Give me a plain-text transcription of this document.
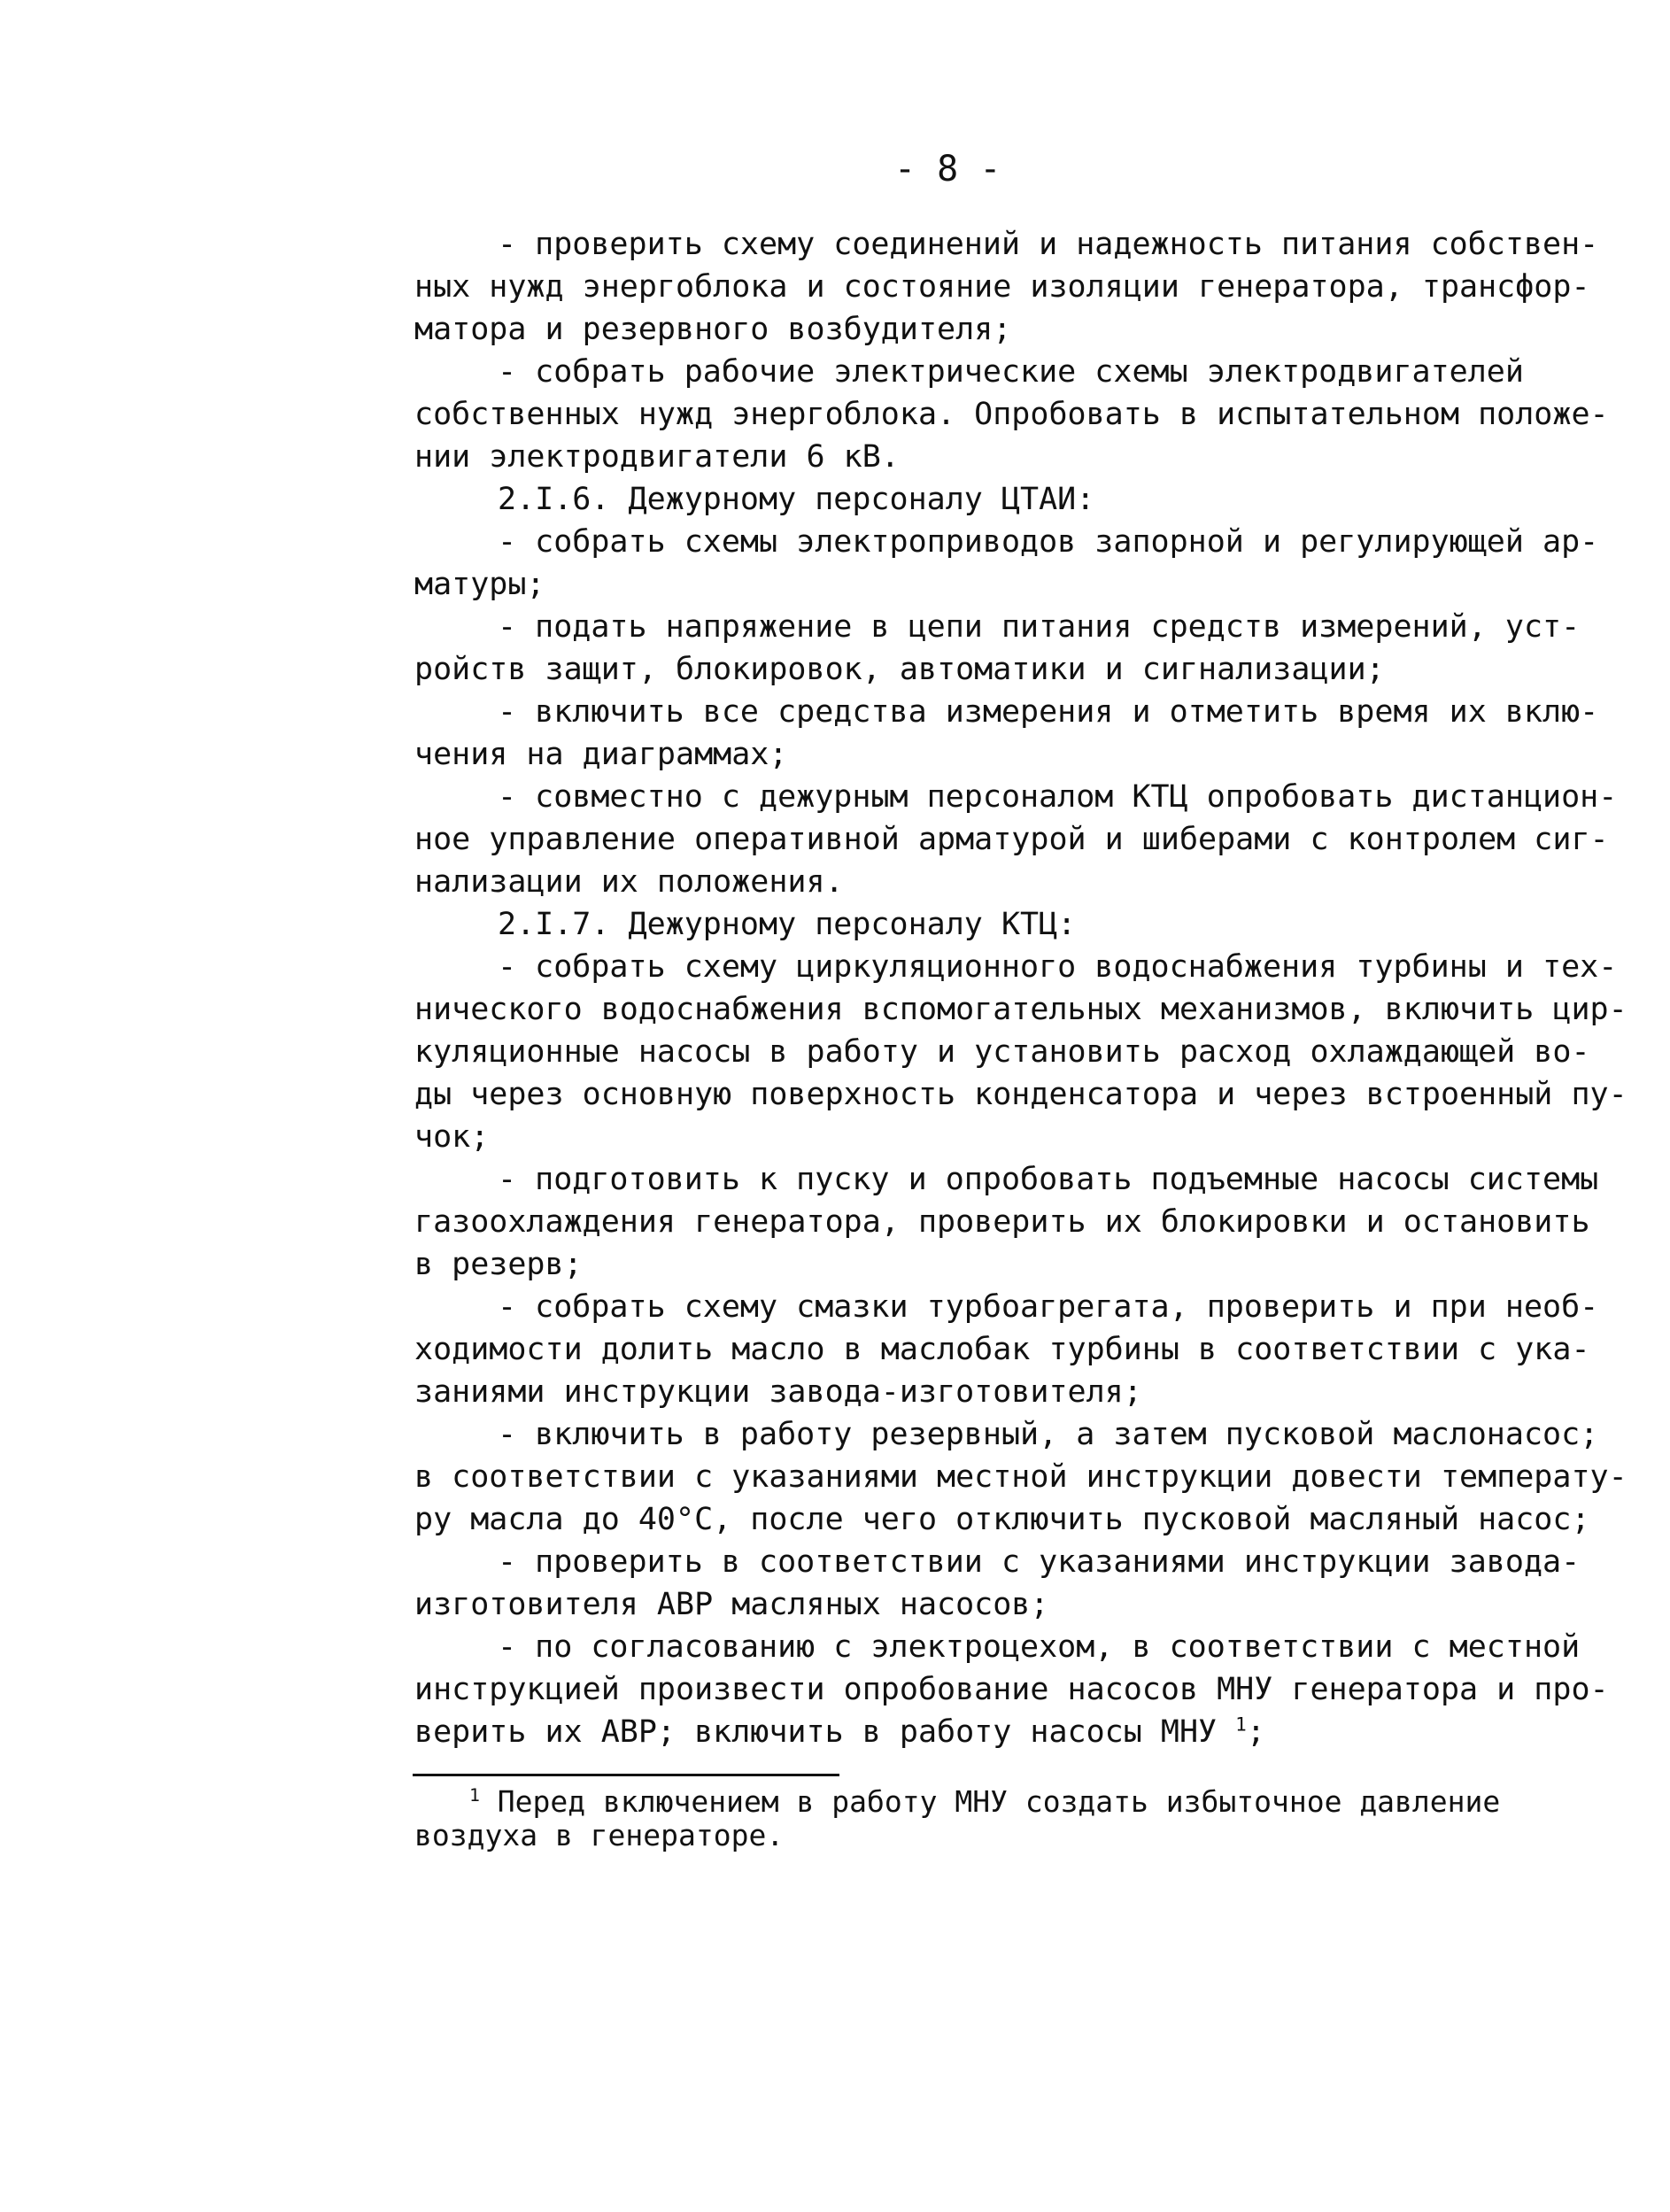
- 8 -
- проверить схему соединений и надежность питания собствен-
ных нужд энергоблока и состояние изоляции генератора, трансфор-
матора и резервного возбудителя;
- собрать рабочие электрические схемы электродвигателей
собственных нужд энергоблока. Опробовать в испытательном положе-
нии электродвигатели 6 кВ.
2.I.6. Дежурному персоналу ЦТАИ:
- собрать схемы электроприводов запорной и регулирующей ар-
матуры;
- подать напряжение в цепи питания средств измерений, уст-
ройств защит, блокировок, автоматики и сигнализации;
- включить все средства измерения и отметить время их вклю-
чения на диаграммах;
- совместно с дежурным персоналом КТЦ опробовать дистанцион-
ное управление оперативной арматурой и шиберами с контролем сиг-
нализации их положения.
2.I.7. Дежурному персоналу КТЦ:
- собрать схему циркуляционного водоснабжения турбины и тех-
нического водоснабжения вспомогательных механизмов, включить цир-
куляционные насосы в работу и установить расход охлаждающей во-
ды через основную поверхность конденсатора и через встроенный пу-
чок;
- подготовить к пуску и опробовать подъемные насосы системы
газоохлаждения генератора, проверить их блокировки и остановить
в резерв;
- собрать схему смазки турбоагрегата, проверить и при необ-
ходимости долить масло в маслобак турбины в соответствии с ука-
заниями инструкции завода-изготовителя;
- включить в работу резервный, а затем пусковой маслонасос;
в соответствии с указаниями местной инструкции довести температу-
ру масла до 40°С, после чего отключить пусковой масляный насос;
- проверить в соответствии с указаниями инструкции завода-
изготовителя АВР масляных насосов;
- по согласованию с электроцехом, в соответствии с местной
инструкцией произвести опробование насосов МНУ генератора и про-
верить их АВР; включить в работу насосы МНУ $^1$;
$^1$ Перед включением в работу МНУ создать избыточное давление
воздуха в генераторе.
